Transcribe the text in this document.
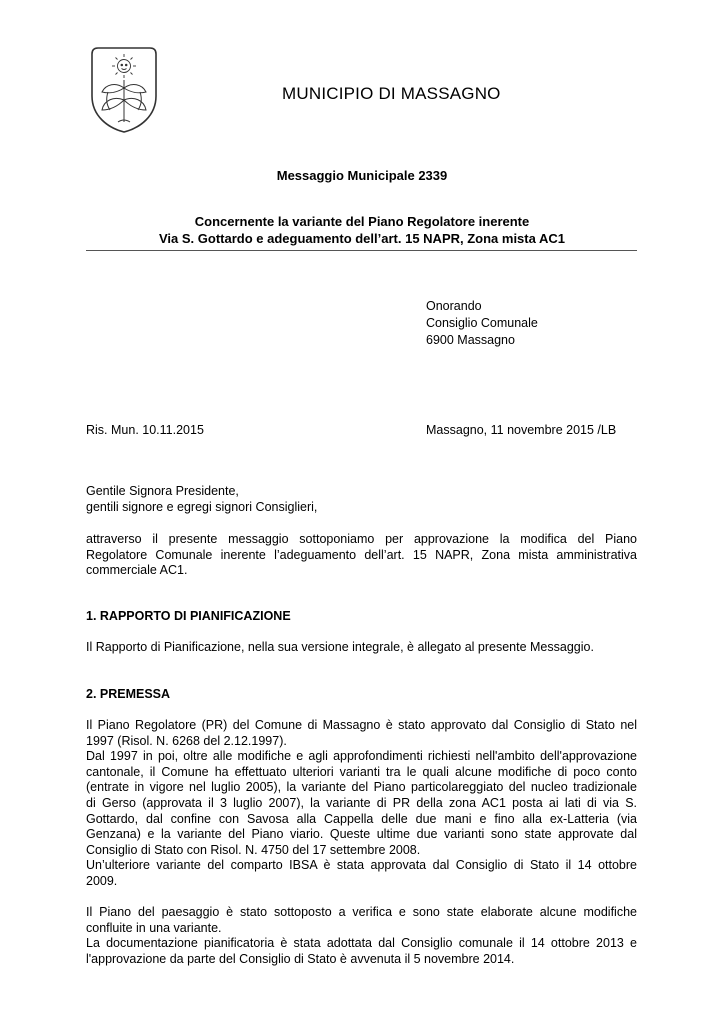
MUNICIPIO DI MASSAGNO
Messaggio Municipale 2339
Concernente la variante del Piano Regolatore inerente
Via S. Gottardo e adeguamento dell’art. 15 NAPR, Zona mista AC1
Onorando
Consiglio Comunale
6900 Massagno
Ris. Mun. 10.11.2015	Massagno, 11 novembre 2015 /LB
Gentile Signora Presidente,
gentili signore e egregi signori Consiglieri,
attraverso il presente messaggio sottoponiamo per approvazione la modifica del Piano
Regolatore Comunale inerente l’adeguamento dell’art. 15 NAPR, Zona mista amministrativa
commerciale AC1.
1. RAPPORTO DI PIANIFICAZIONE
Il Rapporto di Pianificazione, nella sua versione integrale, è allegato al presente Messaggio.
2. PREMESSA
Il Piano Regolatore (PR) del Comune di Massagno è stato approvato dal Consiglio di Stato nel
1997 (Risol. N. 6268 del 2.12.1997).
Dal 1997 in poi, oltre alle modifiche e agli approfondimenti richiesti nell'ambito dell'approvazione
cantonale, il Comune ha effettuato ulteriori varianti tra le quali alcune modifiche di poco conto
(entrate in vigore nel luglio 2005), la variante del Piano particolareggiato del nucleo tradizionale
di Gerso (approvata il 3 luglio 2007), la variante di PR della zona AC1 posta ai lati di via S.
Gottardo, dal confine con Savosa alla Cappella delle due mani e fino alla ex-Latteria (via
Genzana) e la variante del Piano viario. Queste ultime due varianti sono state approvate dal
Consiglio di Stato con Risol. N. 4750 del 17 settembre 2008.
Un’ulteriore variante del comparto IBSA è stata approvata dal Consiglio di Stato il 14 ottobre
2009.
Il Piano del paesaggio è stato sottoposto a verifica e sono state elaborate alcune modifiche
confluite in una variante.
La documentazione pianificatoria è stata adottata dal Consiglio comunale il 14 ottobre 2013 e
l'approvazione da parte del Consiglio di Stato è avvenuta il 5 novembre 2014.
